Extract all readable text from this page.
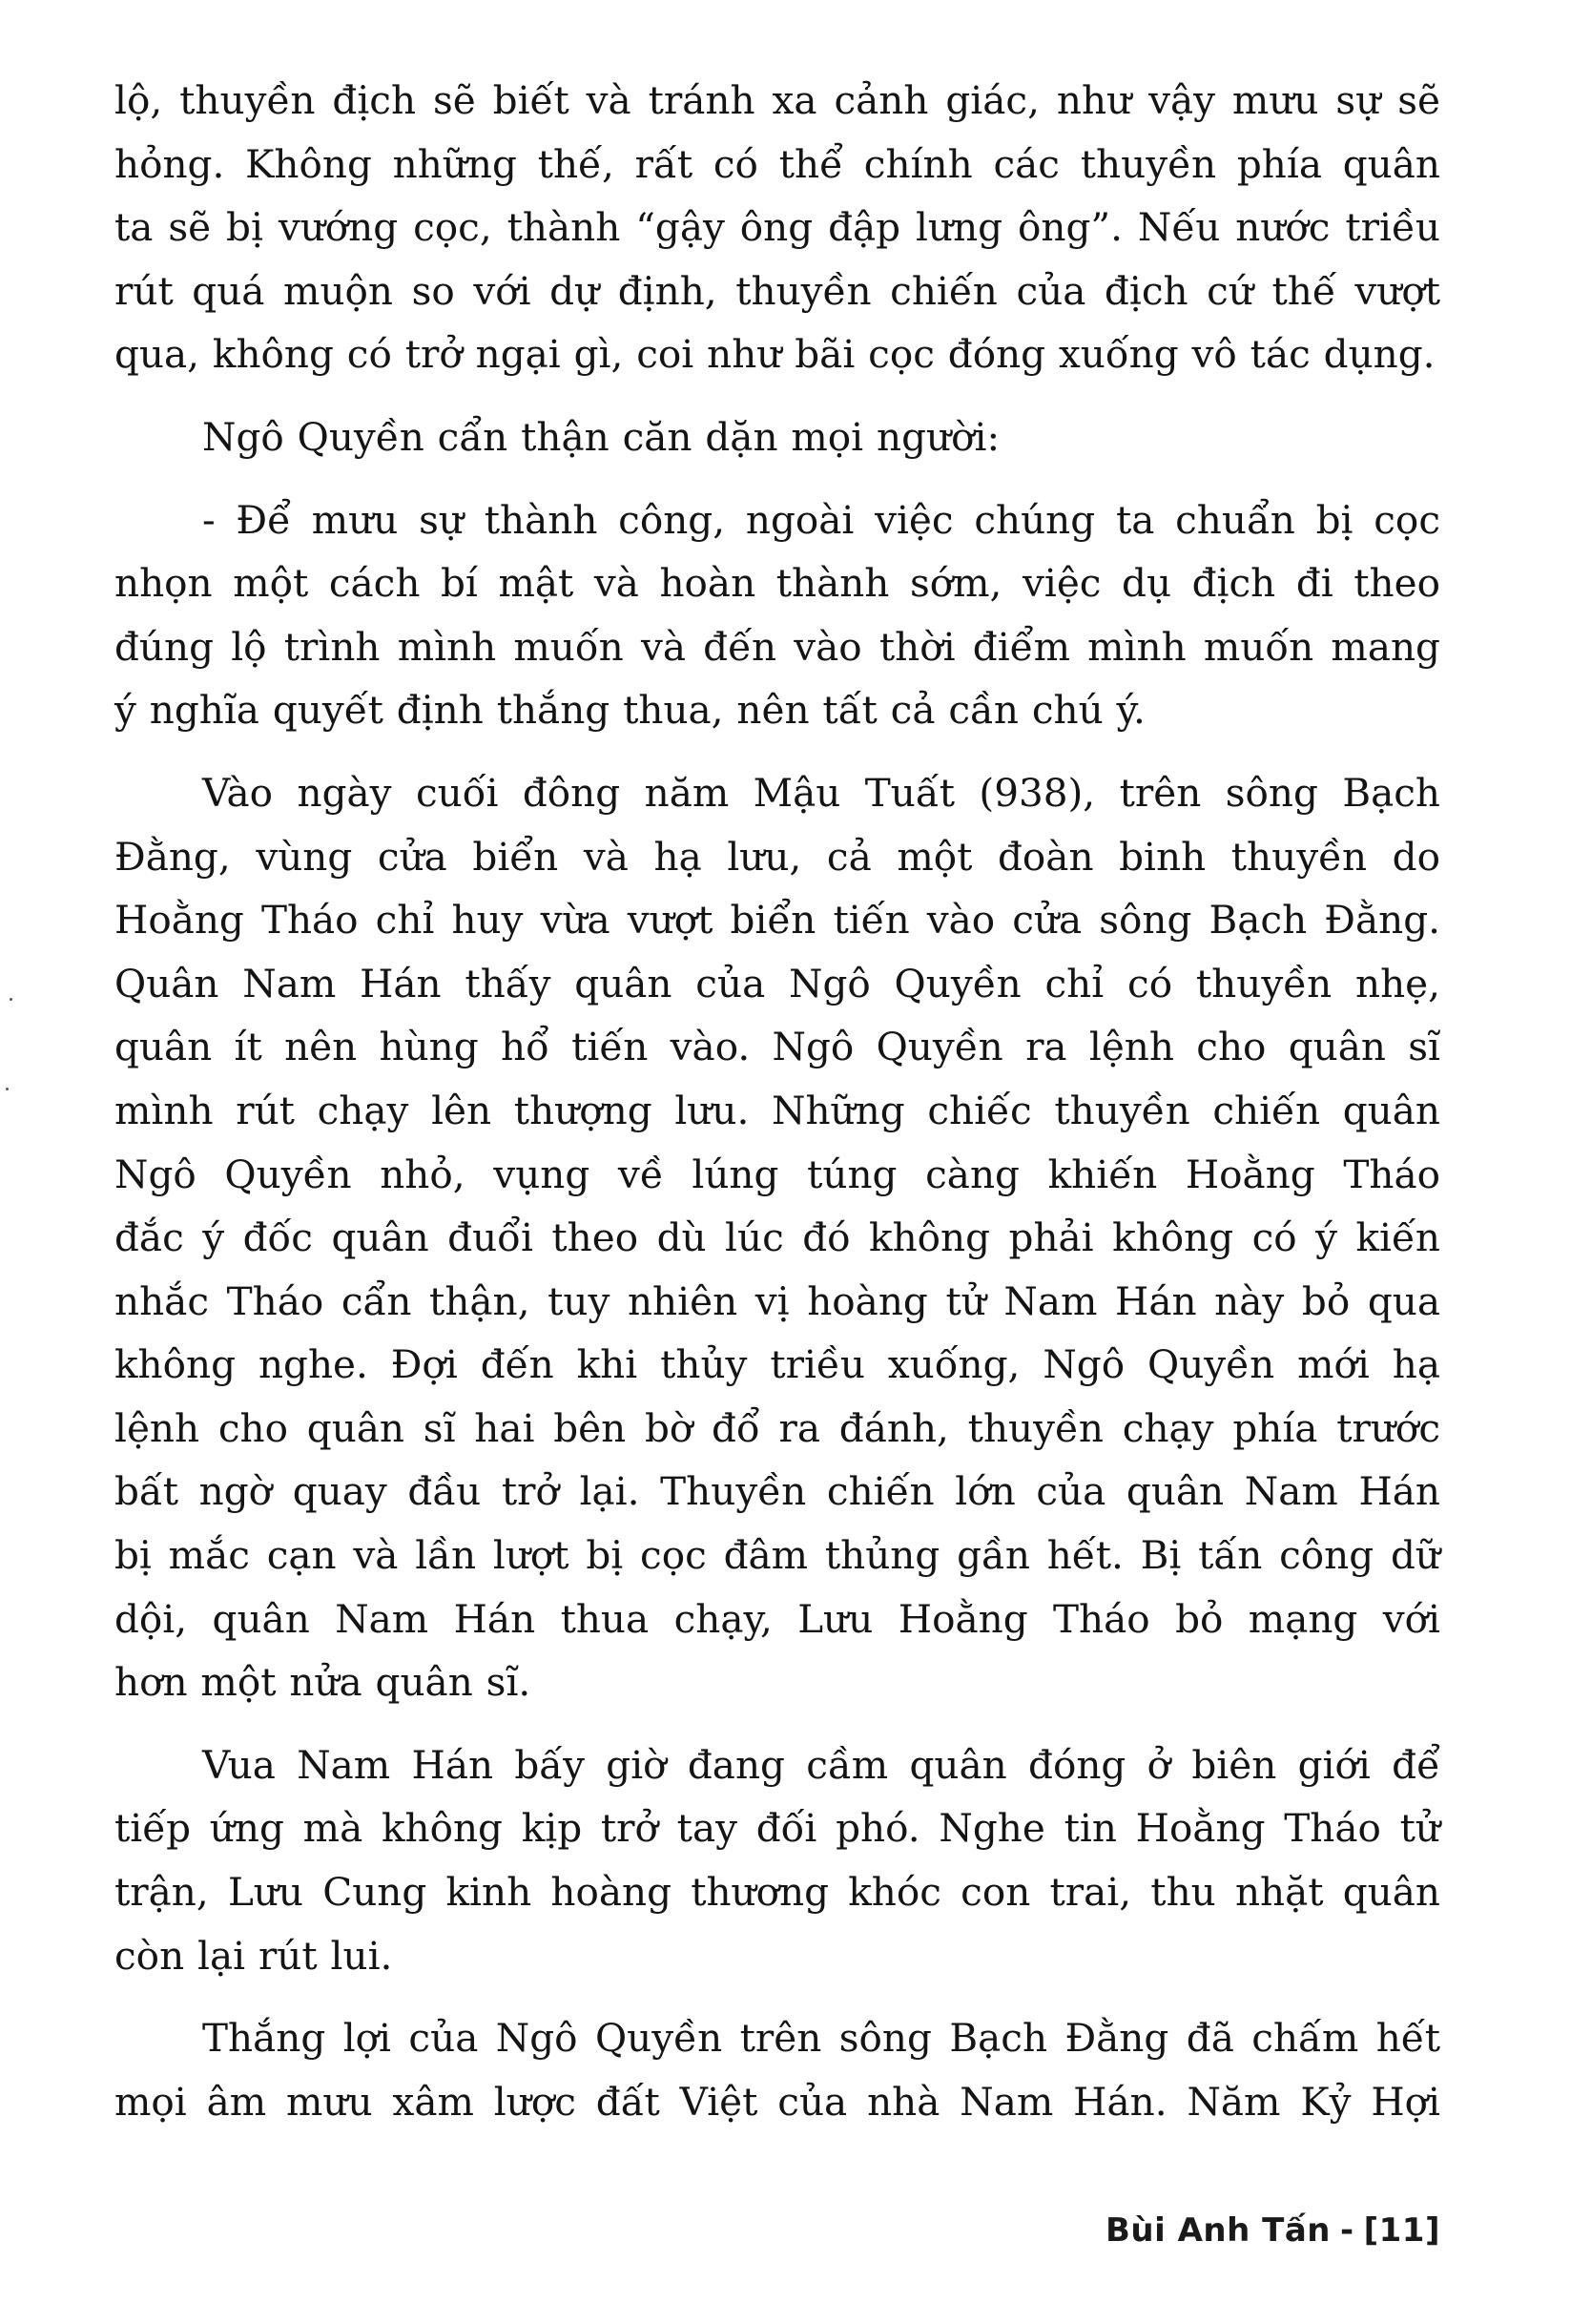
lộ, thuyền địch sẽ biết và tránh xa cảnh giác, như vậy mưu sự sẽ
hỏng. Không những thế, rất có thể chính các thuyền phía quân
ta sẽ bị vướng cọc, thành “gậy ông đập lưng ông”. Nếu nước triều
rút quá muộn so với dự định, thuyền chiến của địch cứ thế vượt
qua, không có trở ngại gì, coi như bãi cọc đóng xuống vô tác dụng.
Ngô Quyền cẩn thận căn dặn mọi người:
- Để mưu sự thành công, ngoài việc chúng ta chuẩn bị cọc
nhọn một cách bí mật và hoàn thành sớm, việc dụ địch đi theo
đúng lộ trình mình muốn và đến vào thời điểm mình muốn mang
ý nghĩa quyết định thắng thua, nên tất cả cần chú ý.
Vào ngày cuối đông năm Mậu Tuất (938), trên sông Bạch
Đằng, vùng cửa biển và hạ lưu, cả một đoàn binh thuyền do
Hoằng Tháo chỉ huy vừa vượt biển tiến vào cửa sông Bạch Đằng.
Quân Nam Hán thấy quân của Ngô Quyền chỉ có thuyền nhẹ,
quân ít nên hùng hổ tiến vào. Ngô Quyền ra lệnh cho quân sĩ
mình rút chạy lên thượng lưu. Những chiếc thuyền chiến quân
Ngô Quyền nhỏ, vụng về lúng túng càng khiến Hoằng Tháo
đắc ý đốc quân đuổi theo dù lúc đó không phải không có ý kiến
nhắc Tháo cẩn thận, tuy nhiên vị hoàng tử Nam Hán này bỏ qua
không nghe. Đợi đến khi thủy triều xuống, Ngô Quyền mới hạ
lệnh cho quân sĩ hai bên bờ đổ ra đánh, thuyền chạy phía trước
bất ngờ quay đầu trở lại. Thuyền chiến lớn của quân Nam Hán
bị mắc cạn và lần lượt bị cọc đâm thủng gần hết. Bị tấn công dữ
dội, quân Nam Hán thua chạy, Lưu Hoằng Tháo bỏ mạng với
hơn một nửa quân sĩ.
Vua Nam Hán bấy giờ đang cầm quân đóng ở biên giới để
tiếp ứng mà không kịp trở tay đối phó. Nghe tin Hoằng Tháo tử
trận, Lưu Cung kinh hoàng thương khóc con trai, thu nhặt quân
còn lại rút lui.
Thắng lợi của Ngô Quyền trên sông Bạch Đằng đã chấm hết
mọi âm mưu xâm lược đất Việt của nhà Nam Hán. Năm Kỷ Hợi
Bùi Anh Tấn - [11]
